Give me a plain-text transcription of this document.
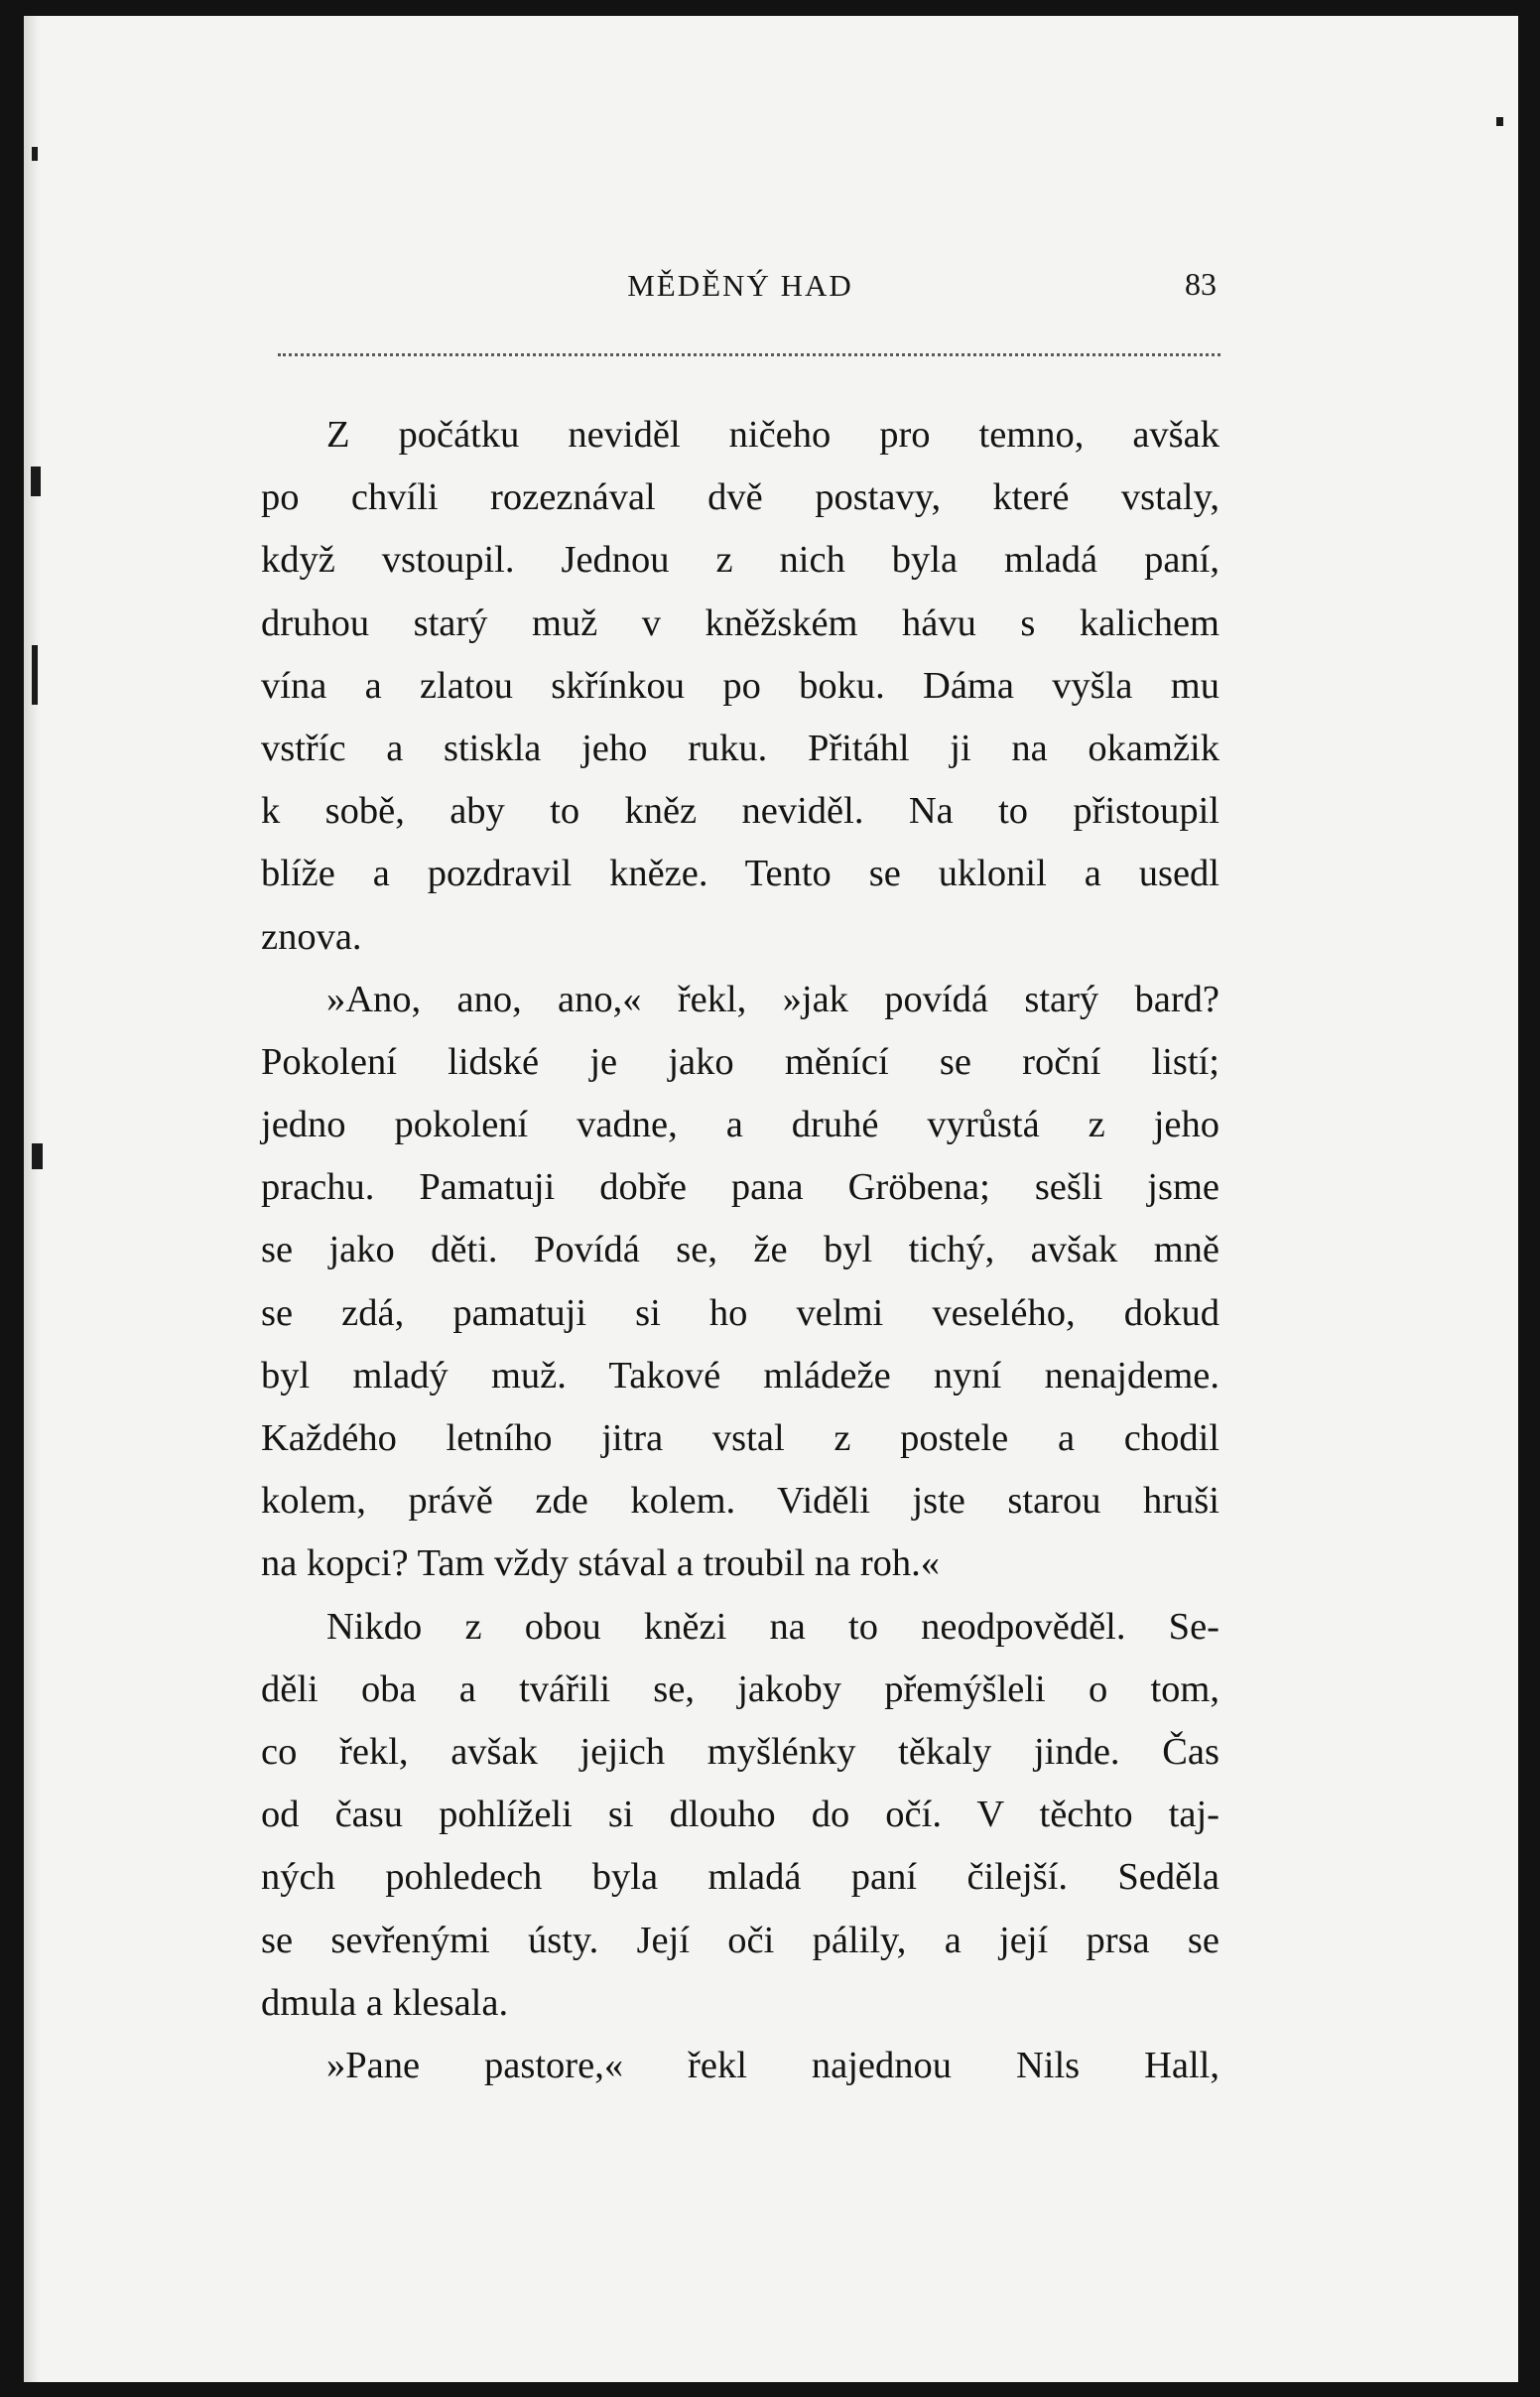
MĚDĚNÝ HAD	83
Z počátku neviděl ničeho pro temno, avšak
po chvíli rozeznával dvě postavy, které vstaly,
když vstoupil. Jednou z nich byla mladá paní,
druhou starý muž v kněžském hávu s kalichem
vína a zlatou skřínkou po boku. Dáma vyšla mu
vstříc a stiskla jeho ruku. Přitáhl ji na okamžik
k sobě, aby to kněz neviděl. Na to přistoupil
blíže a pozdravil kněze. Tento se uklonil a usedl
znova.
»Ano, ano, ano,« řekl, »jak povídá starý bard?
Pokolení lidské je jako měnící se roční listí;
jedno pokolení vadne, a druhé vyrůstá z jeho
prachu. Pamatuji dobře pana Gröbena; sešli jsme
se jako děti. Povídá se, že byl tichý, avšak mně
se zdá, pamatuji si ho velmi veselého, dokud
byl mladý muž. Takové mládeže nyní nenajdeme.
Každého letního jitra vstal z postele a chodil
kolem, právě zde kolem. Viděli jste starou hruši
na kopci? Tam vždy stával a troubil na roh.«
Nikdo z obou knězi na to neodpověděl. Se-
děli oba a tvářili se, jakoby přemýšleli o tom,
co řekl, avšak jejich myšlénky těkaly jinde. Čas
od času pohlíželi si dlouho do očí. V těchto taj-
ných pohledech byla mladá paní čilejší. Seděla
se sevřenými ústy. Její oči pálily, a její prsa se
dmula a klesala.
»Pane pastore,« řekl najednou Nils Hall,
